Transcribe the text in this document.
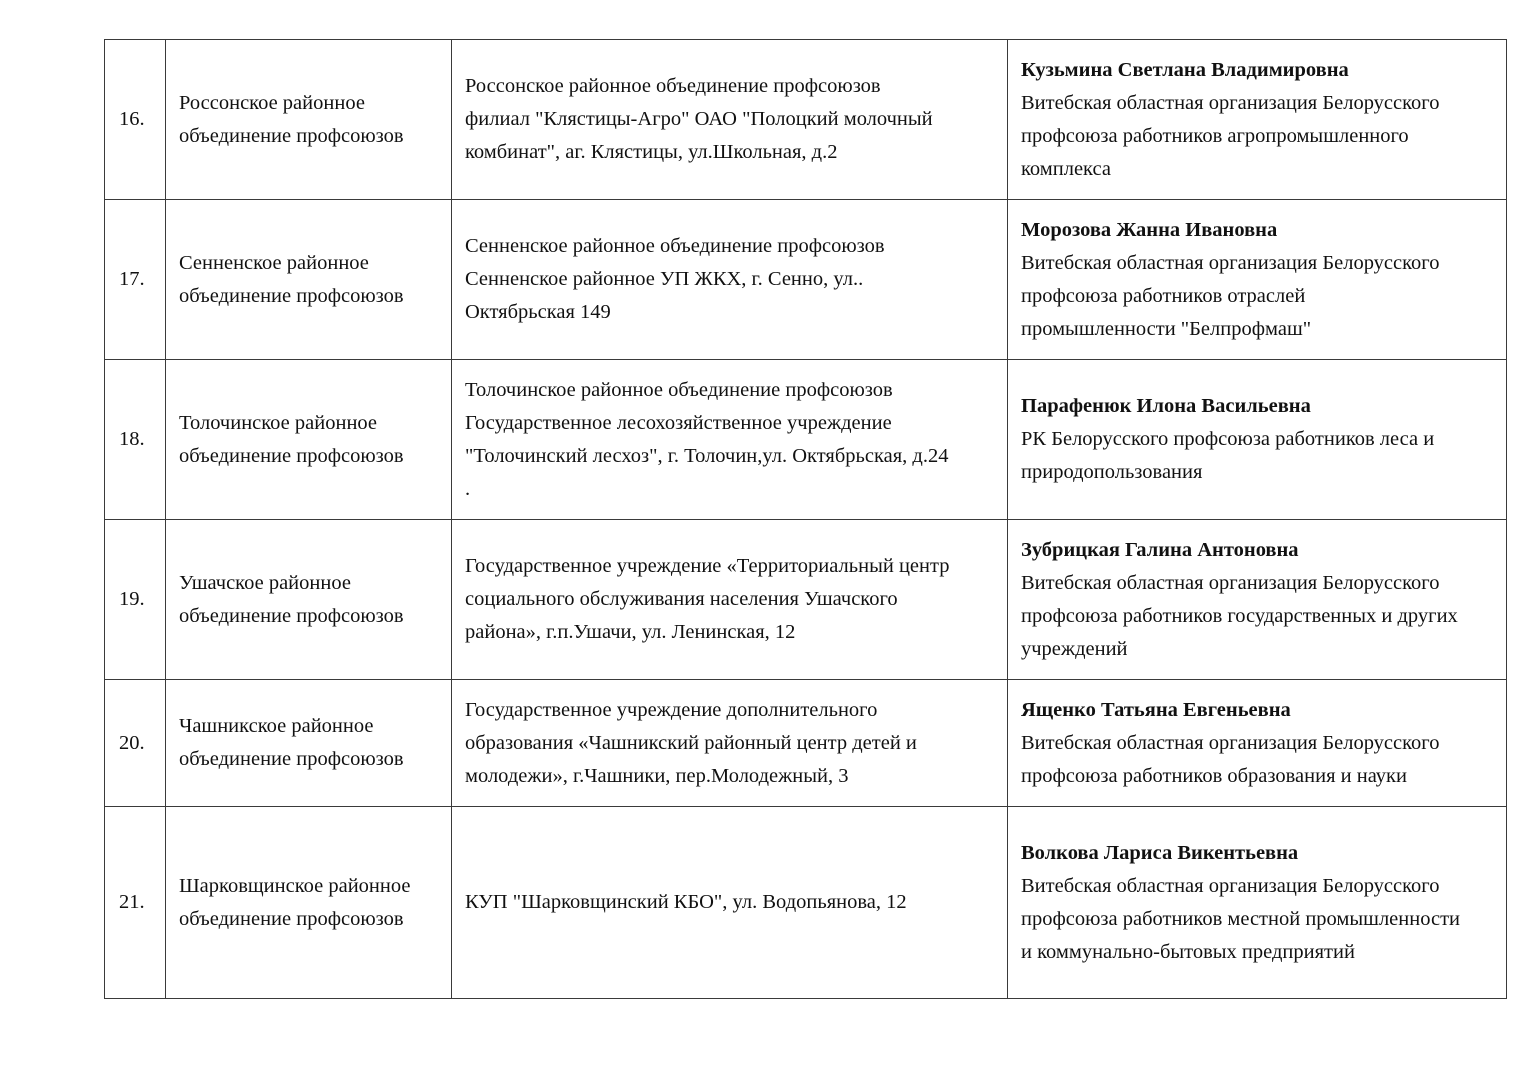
16.	Россонское районное
объединение профсоюзов	Россонское районное объединение профсоюзов
филиал "Клястицы-Агро" ОАО "Полоцкий молочный
комбинат", аг. Клястицы, ул.Школьная, д.2	Кузьмина Светлана Владимировна
Витебская областная организация Белорусского
профсоюза работников агропромышленного
комплекса

17.	Сенненское районное
объединение профсоюзов	Сенненское районное объединение профсоюзов
Сенненское районное УП ЖКХ, г. Сенно, ул..
Октябрьская 149	Морозова Жанна Ивановна
Витебская областная организация Белорусского
профсоюза работников отраслей
промышленности "Белпрофмаш"

18.	Толочинское районное
объединение профсоюзов	Толочинское районное объединение профсоюзов
Государственное лесохозяйственное учреждение
"Толочинский лесхоз", г. Толочин,ул. Октябрьская, д.24
.	Парафенюк Илона Васильевна
РК Белорусского профсоюза работников леса и
природопользования

19.	Ушачское районное
объединение профсоюзов	Государственное учреждение «Территориальный центр
социального обслуживания населения Ушачского
района», г.п.Ушачи, ул. Ленинская, 12	Зубрицкая Галина Антоновна
Витебская областная организация Белорусского
профсоюза работников государственных и других
учреждений

20.	Чашникское районное
объединение профсоюзов	Государственное учреждение дополнительного
образования «Чашникский районный центр детей и
молодежи», г.Чашники, пер.Молодежный, 3	Ященко Татьяна Евгеньевна
Витебская областная организация Белорусского
профсоюза работников образования и науки

21.	Шарковщинское районное
объединение профсоюзов	КУП "Шарковщинский КБО", ул. Водопьянова, 12	Волкова Лариса Викентьевна
Витебская областная организация Белорусского
профсоюза работников местной промышленности
и коммунально-бытовых предприятий
